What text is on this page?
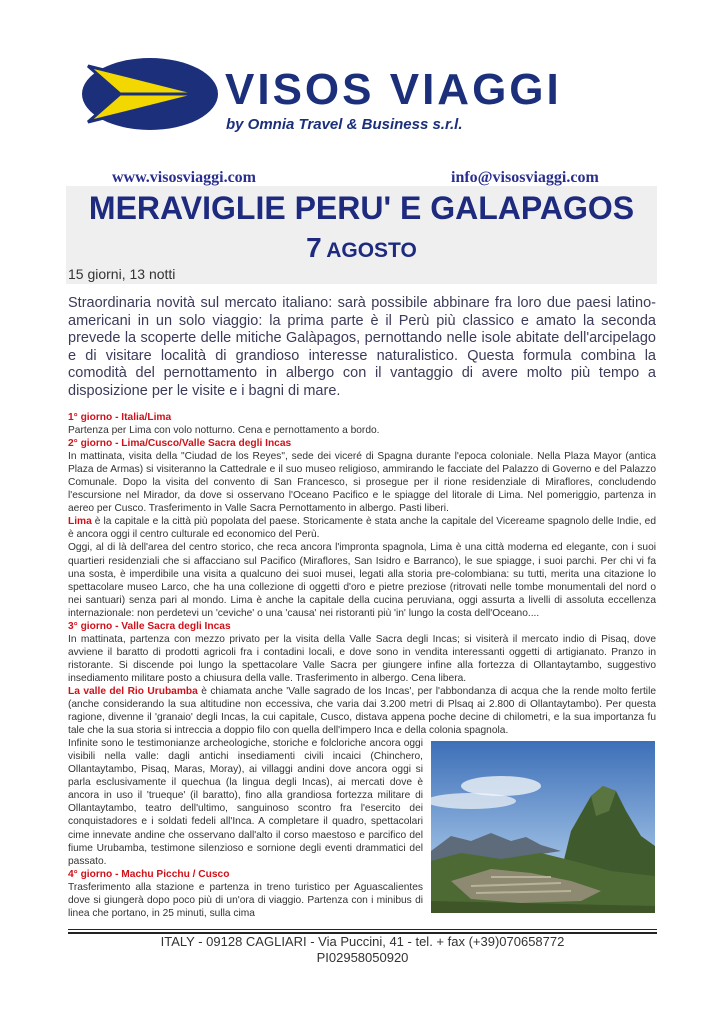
VISOS VIAGGI
by Omnia Travel & Business s.r.l.
www.visosviaggi.com	info@visosviaggi.com
MERAVIGLIE PERU' E GALAPAGOS
7 AGOSTO
15 giorni, 13 notti

Straordinaria novità sul mercato italiano: sarà possibile abbinare fra loro due paesi latino-americani in un solo viaggio: la prima parte è il Perù più classico e amato la seconda prevede la scoperte delle mitiche Galàpagos, pernottando nelle isole abitate dell'arcipelago e di visitare località di grandioso interesse naturalistico. Questa formula combina la comodità del pernottamento in albergo con il vantaggio di avere molto più tempo a disposizione per le visite e i bagni di mare.

1° giorno - Italia/Lima

Partenza per Lima con volo notturno. Cena e pernottamento a bordo.

2° giorno - Lima/Cusco/Valle Sacra degli Incas

In mattinata, visita della "Ciudad de los Reyes", sede dei viceré di Spagna durante l'epoca coloniale. Nella Plaza Mayor (antica Plaza de Armas) si visiteranno la Cattedrale e il suo museo religioso, ammirando le facciate del Palazzo di Governo e del Palazzo Comunale. Dopo la visita del convento di San Francesco, si prosegue per il rione residenziale di Miraflores, concludendo l'escursione nel Mirador, da dove si osservano l'Oceano Pacifico e le spiagge del litorale di Lima. Nel pomeriggio, partenza in aereo per Cusco. Trasferimento in Valle Sacra Pernottamento in albergo. Pasti liberi.

Lima è la capitale e la città più popolata del paese. Storicamente è stata anche la capitale del Vicereame spagnolo delle Indie, ed è ancora oggi il centro culturale ed economico del Perù.

Oggi, al di là dell'area del centro storico, che reca ancora l'impronta spagnola, Lima è una città moderna ed elegante, con i suoi quartieri residenziali che si affacciano sul Pacifico (Miraflores, San Isidro e Barranco), le sue spiagge, i suoi parchi. Per chi vi fa una sosta, è imperdibile una visita a qualcuno dei suoi musei, legati alla storia pre-colombiana: su tutti, merita una citazione lo spettacolare museo Larco, che ha una collezione di oggetti d'oro e pietre preziose (ritrovati nelle tombe monumentali del nord o nei santuari) senza pari al mondo. Lima è anche la capitale della cucina peruviana, oggi assurta a livelli di assoluta eccellenza internazionale: non perdetevi un 'ceviche' o una 'causa' nei ristoranti più 'in' lungo la costa dell'Oceano....

3° giorno - Valle Sacra degli Incas

In mattinata, partenza con mezzo privato per la visita della Valle Sacra degli Incas; si visiterà il mercato indio di Pisaq, dove avviene il baratto di prodotti agricoli fra i contadini locali, e dove sono in vendita interessanti oggetti di artigianato. Pranzo in ristorante. Si discende poi lungo la spettacolare Valle Sacra per giungere infine alla fortezza di Ollantaytambo, suggestivo insediamento militare posto a chiusura della valle. Trasferimento in albergo. Cena libera.

La valle del Rio Urubamba è chiamata anche 'Valle sagrado de los Incas', per l'abbondanza di acqua che la rende molto fertile (anche considerando la sua altitudine non eccessiva, che varia dai 3.200 metri di Plsaq ai 2.800 di Ollantaytambo). Per questa ragione, divenne il 'granaio' degli Incas, la cui capitale, Cusco, distava appena poche decine di chilometri, e la sua importanza fu tale che la sua storia si intreccia a doppio filo con quella dell'impero Inca e della colonia spagnola.

Infinite sono le testimonianze archeologiche, storiche e folcloriche ancora oggi visibili nella valle: dagli antichi insediamenti civili incaici (Chinchero, Ollantaytambo, Pisaq, Maras, Moray), ai villaggi andini dove ancora oggi si parla esclusivamente il quechua (la lingua degli Incas), ai mercati dove è ancora in uso il 'trueque' (il baratto), fino alla grandiosa fortezza militare di Ollantaytambo, teatro dell'ultimo, sanguinoso scontro fra l'esercito dei conquistadores e i soldati fedeli all'Inca. A completare il quadro, spettacolari cime innevate andine che osservano dall'alto il corso maestoso e parcifico del fiume Urubamba, testimone silenzioso e sornione degli eventi drammatici del passato.

4° giorno - Machu Picchu / Cusco

Trasferimento alla stazione e partenza in treno turistico per Aguascalientes dove si giungerà dopo poco più di un'ora di viaggio. Partenza con i minibus di linea che portano, in 25 minuti, sulla cima

ITALY - 09128 CAGLIARI - Via Puccini, 41 - tel. + fax (+39)070658772
PI02958050920
